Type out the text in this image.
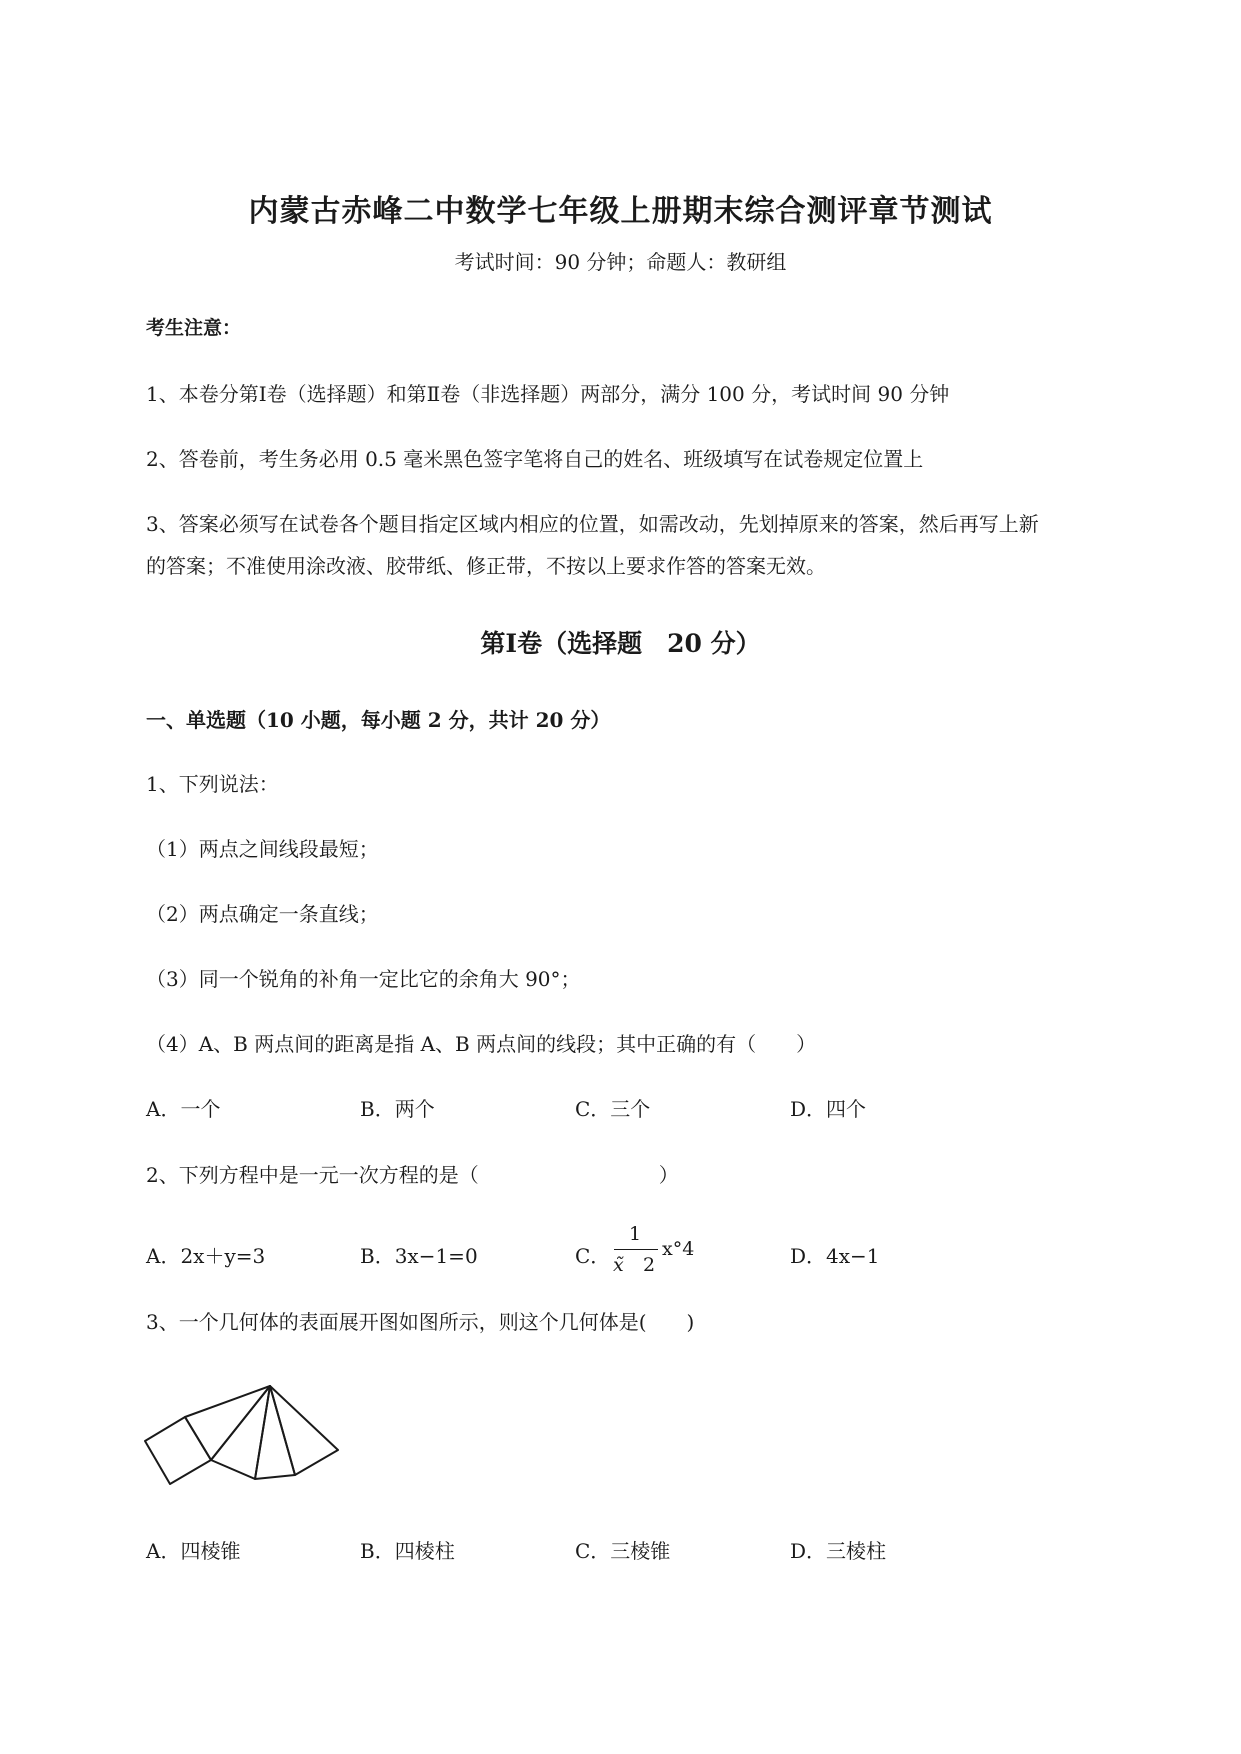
内蒙古赤峰二中数学七年级上册期末综合测评章节测试
考试时间：90 分钟；命题人：教研组
考生注意：
1、本卷分第Ⅰ卷（选择题）和第Ⅱ卷（非选择题）两部分，满分 100 分，考试时间 90 分钟
2、答卷前，考生务必用 0.5 毫米黑色签字笔将自己的姓名、班级填写在试卷规定位置上
3、答案必须写在试卷各个题目指定区域内相应的位置，如需改动，先划掉原来的答案，然后再写上新
的答案；不准使用涂改液、胶带纸、修正带，不按以上要求作答的答案无效。
第Ⅰ卷（选择题　20 分）
一、单选题（10 小题，每小题 2 分，共计 20 分）
1、下列说法：
（1）两点之间线段最短；
（2）两点确定一条直线；
（3）同一个锐角的补角一定比它的余角大 90°；
（4）A、B 两点间的距离是指 A、B 两点间的线段；其中正确的有（　　）
A．一个	B．两个	C．三个	D．四个
2、下列方程中是一元一次方程的是（　　　　　　　　　）
A．2x＋y=3	B．3x−1=0	C．
1
x̃ 2
x°4	D．4x−1
3、一个几何体的表面展开图如图所示，则这个几何体是(　　)
A．四棱锥	B．四棱柱	C．三棱锥	D．三棱柱
